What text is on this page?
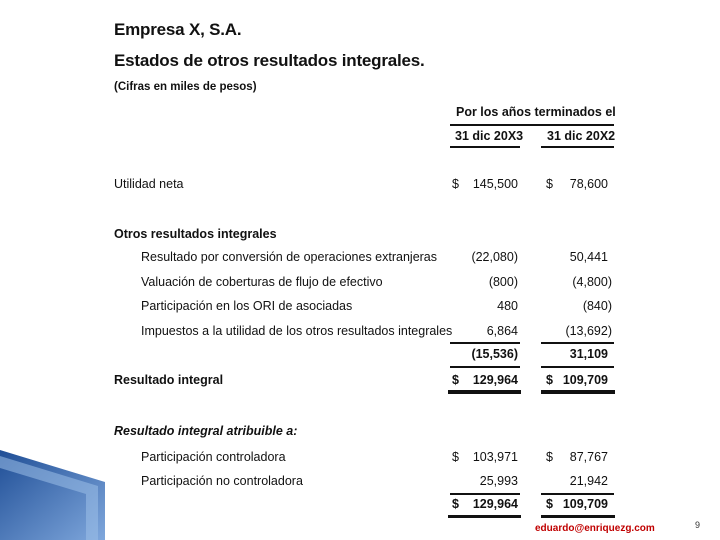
Empresa X, S.A.
Estados de otros resultados integrales.
(Cifras en miles de pesos)
Por los años terminados el
31 dic 20X3 31 dic 20X2
Utilidad neta	$	145,500 $	78,600
Otros resultados integrales
Resultado por conversión de operaciones extranjeras	(22,080)	50,441
Valuación de coberturas de flujo de efectivo	(800)	(4,800)
Participación en los ORI de asociadas	480	(840)
Impuestos a la utilidad de los otros resultados integrales	6,864	(13,692)
(15,536)	31,109
Resultado integral	$	129,964 $ 109,709
Resultado integral atribuible a:
Participación controladora	$	103,971 $	87,767
Participación no controladora	25,993	21,942
$	129,964 $ 109,709
eduardo@enriquezg.com	9
